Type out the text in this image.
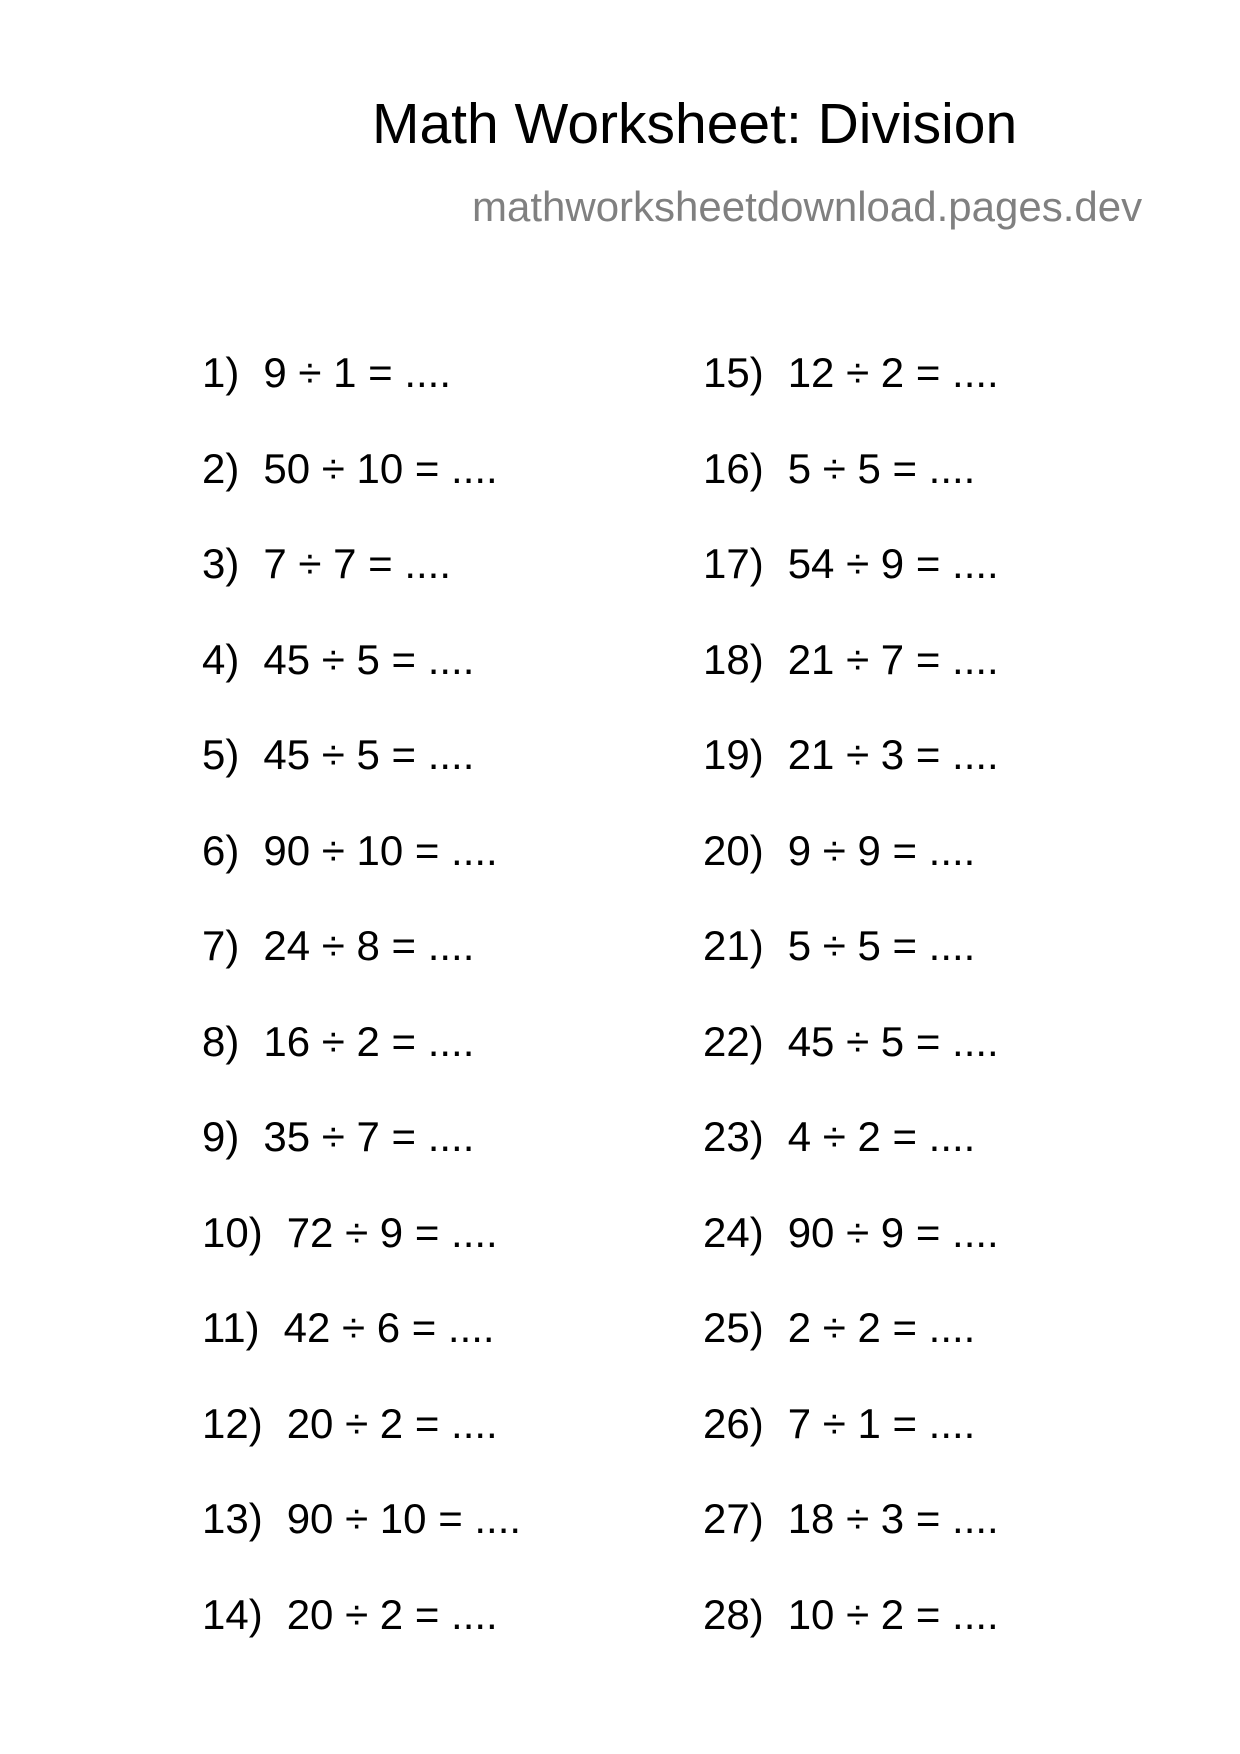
Math Worksheet: Division
mathworksheetdownload.pages.dev
1) 9 ÷ 1 = ....
2) 50 ÷ 10 = ....
3) 7 ÷ 7 = ....
4) 45 ÷ 5 = ....
5) 45 ÷ 5 = ....
6) 90 ÷ 10 = ....
7) 24 ÷ 8 = ....
8) 16 ÷ 2 = ....
9) 35 ÷ 7 = ....
10) 72 ÷ 9 = ....
11) 42 ÷ 6 = ....
12) 20 ÷ 2 = ....
13) 90 ÷ 10 = ....
14) 20 ÷ 2 = ....
15) 12 ÷ 2 = ....
16) 5 ÷ 5 = ....
17) 54 ÷ 9 = ....
18) 21 ÷ 7 = ....
19) 21 ÷ 3 = ....
20) 9 ÷ 9 = ....
21) 5 ÷ 5 = ....
22) 45 ÷ 5 = ....
23) 4 ÷ 2 = ....
24) 90 ÷ 9 = ....
25) 2 ÷ 2 = ....
26) 7 ÷ 1 = ....
27) 18 ÷ 3 = ....
28) 10 ÷ 2 = ....
